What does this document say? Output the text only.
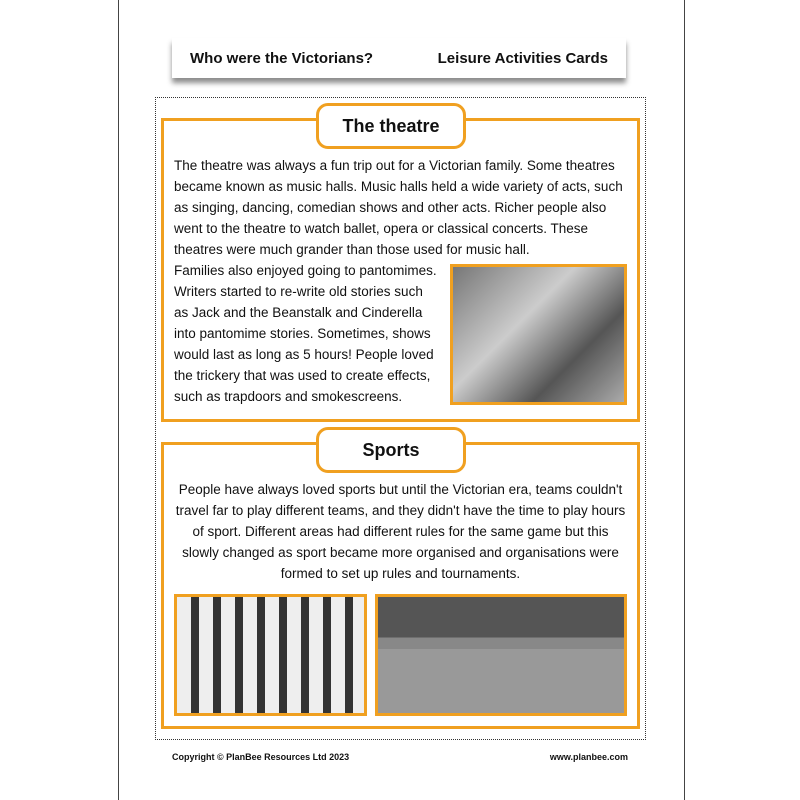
Who were the Victorians?	Leisure Activities Cards
The theatre

The theatre was always a fun trip out for a Victorian family. Some theatres became known as music halls. Music halls held a wide variety of acts, such as singing, dancing, comedian shows and other acts. Richer people also went to the theatre to watch ballet, opera or classical concerts. These theatres were much grander than those used for music hall.

Families also enjoyed going to pantomimes. Writers started to re-write old stories such as Jack and the Beanstalk and Cinderella into pantomime stories. Sometimes, shows would last as long as 5 hours! People loved the trickery that was used to create effects, such as trapdoors and smokescreens.

Sports

People have always loved sports but until the Victorian era, teams couldn't travel far to play different teams, and they didn't have the time to play hours of sport. Different areas had different rules for the same game but this slowly changed as sport became more organised and organisations were formed to set up rules and tournaments.

Copyright © PlanBee Resources Ltd 2023	www.planbee.com
